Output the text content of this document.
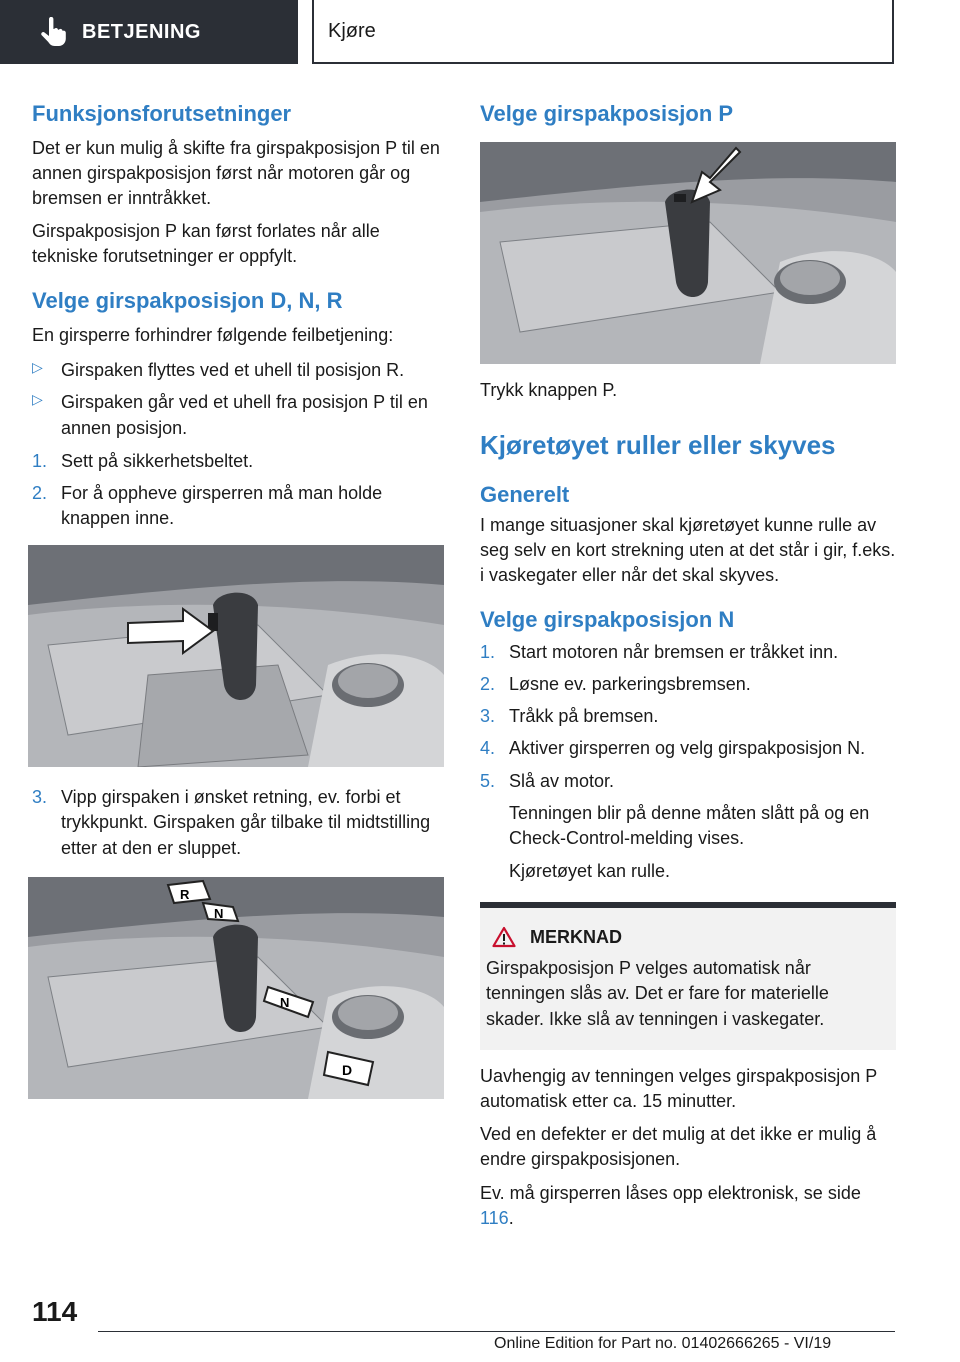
BETJENING	Kjøre
Funksjonsforutsetninger

Det er kun mulig å skifte fra girspakposisjon P til en annen girspakposisjon først når motoren går og bremsen er inntråkket.

Girspakposisjon P kan først forlates når alle tekniske forutsetninger er oppfylt.

Velge girspakposisjon D, N, R

En girsperre forhindrer følgende feilbetjening:

▷	Girspaken flyttes ved et uhell til posisjon R.
▷	Girspaken går ved et uhell fra posisjon P til en annen posisjon.
1. Sett på sikkerhetsbeltet.
2. For å oppheve girsperren må man holde knappen inne.
3. Vipp girspaken i ønsket retning, ev. forbi et trykkpunkt. Girspaken går tilbake til midtstilling etter at den er sluppet.
R
N
N
D
Velge girspakposisjon P

Trykk knappen P.

Kjøretøyet ruller eller skyves
Generelt

I mange situasjoner skal kjøretøyet kunne rulle av seg selv en kort strekning uten at det står i gir, f.eks. i vaskegater eller når det skal skyves.

Velge girspakposisjon N
1. Start motoren når bremsen er tråkket inn.
2. Løsne ev. parkeringsbremsen.
3. Tråkk på bremsen.
4. Aktiver girsperren og velg girspakposisjon N.
5. Slå av motor.

Tenningen blir på denne måten slått på og en Check-Control-melding vises.

Kjøretøyet kan rulle.

MERKNAD

Girspakposisjon P velges automatisk når tenningen slås av. Det er fare for materielle skader. Ikke slå av tenningen i vaskegater.

Uavhengig av tenningen velges girspakposisjon P automatisk etter ca. 15 minutter.

Ved en defekter er det mulig at det ikke er mulig å endre girspakposisjonen.

Ev. må girsperren låses opp elektronisk, se side 116.

114
Online Edition for Part no. 01402666265 - VI/19
